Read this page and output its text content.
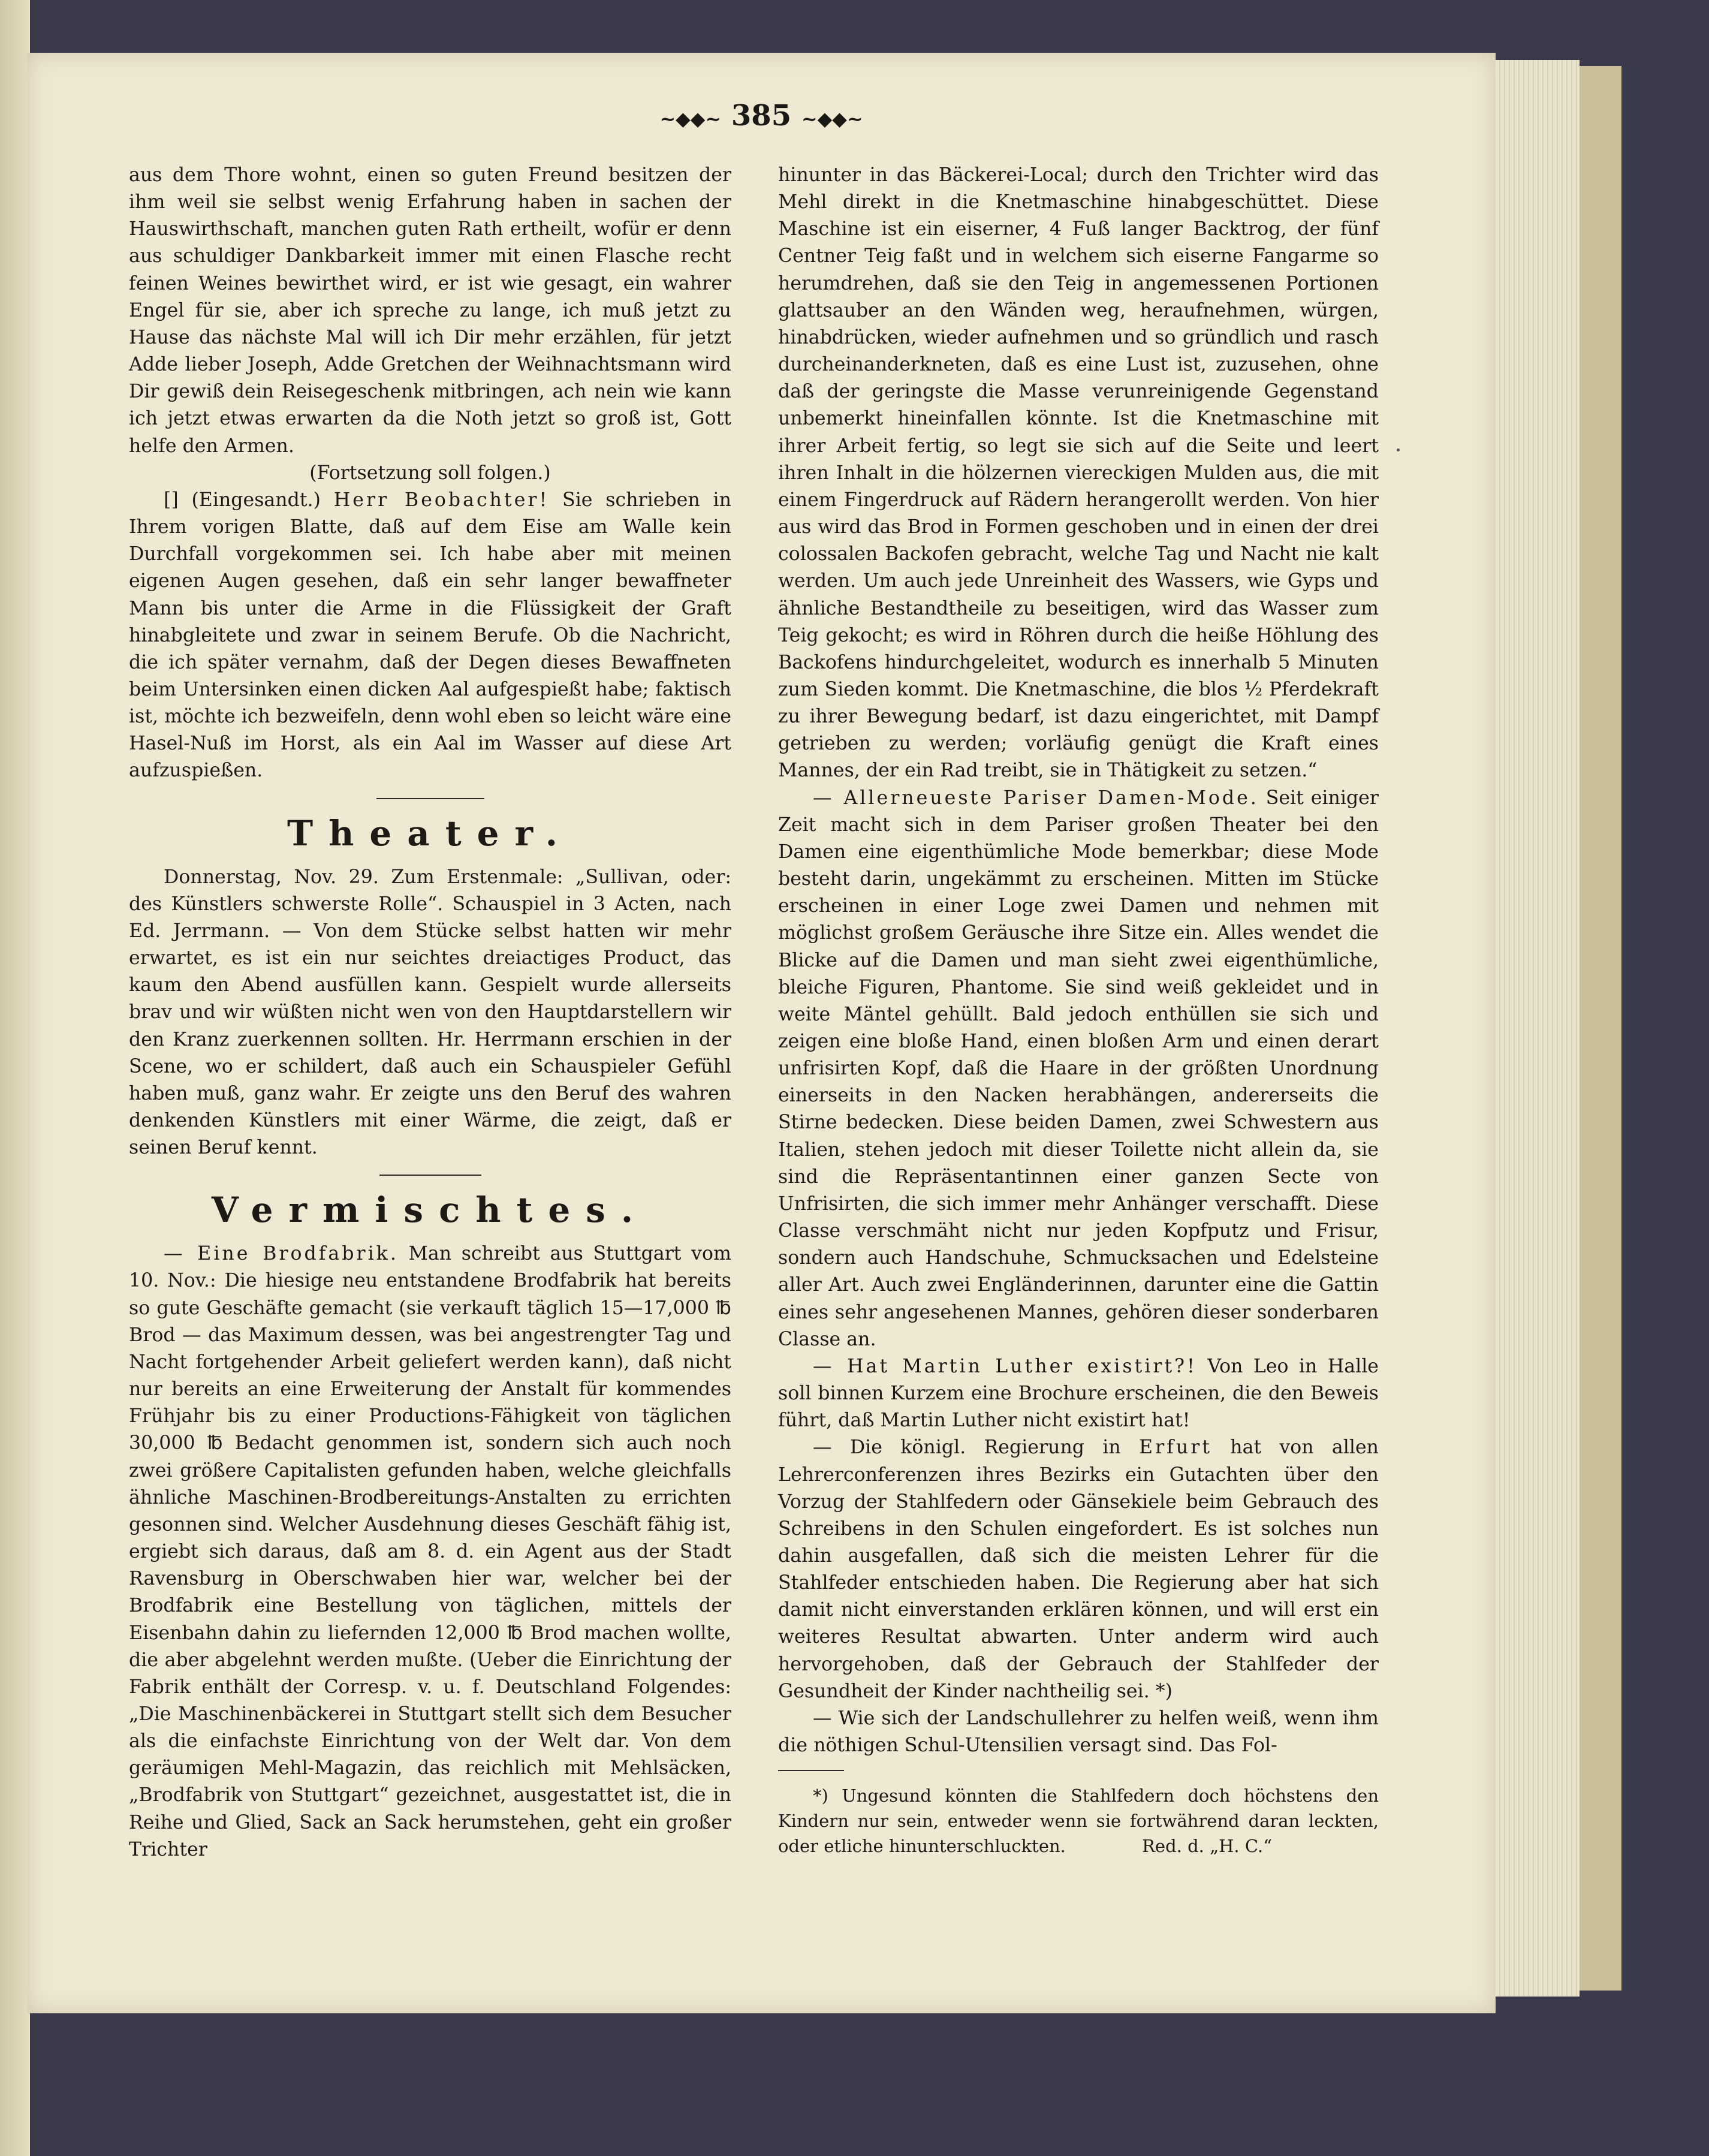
~◆◆~ 385 ~◆◆~

aus dem Thore wohnt, einen so guten Freund besitzen der ihm weil sie selbst wenig Erfahrung haben in sachen der Hauswirthschaft, manchen guten Rath ertheilt, wofür er denn aus schuldiger Dankbarkeit immer mit einen Flasche recht feinen Weines bewirthet wird, er ist wie gesagt, ein wahrer Engel für sie, aber ich spreche zu lange, ich muß jetzt zu Hause das nächste Mal will ich Dir mehr erzählen, für jetzt Adde lieber Joseph, Adde Gretchen der Weihnachtsmann wird Dir gewiß dein Reisegeschenk mitbringen, ach nein wie kann ich jetzt etwas erwarten da die Noth jetzt so groß ist, Gott helfe den Armen.

(Fortsetzung soll folgen.)

[] (Eingesandt.) Herr Beobachter! Sie schrieben in Ihrem vorigen Blatte, daß auf dem Eise am Walle kein Durchfall vorgekommen sei. Ich habe aber mit meinen eigenen Augen gesehen, daß ein sehr langer bewaffneter Mann bis unter die Arme in die Flüssigkeit der Graft hinabgleitete und zwar in seinem Berufe. Ob die Nachricht, die ich später vernahm, daß der Degen dieses Bewaffneten beim Untersinken einen dicken Aal aufgespießt habe; faktisch ist, möchte ich bezweifeln, denn wohl eben so leicht wäre eine Hasel-Nuß im Horst, als ein Aal im Wasser auf diese Art aufzuspießen.

Theater.

Donnerstag, Nov. 29. Zum Erstenmale: „Sullivan, oder: des Künstlers schwerste Rolle“. Schauspiel in 3 Acten, nach Ed. Jerrmann. — Von dem Stücke selbst hatten wir mehr erwartet, es ist ein nur seichtes dreiactiges Product, das kaum den Abend ausfüllen kann. Gespielt wurde allerseits brav und wir wüßten nicht wen von den Hauptdarstellern wir den Kranz zuerkennen sollten. Hr. Herrmann erschien in der Scene, wo er schildert, daß auch ein Schauspieler Gefühl haben muß, ganz wahr. Er zeigte uns den Beruf des wahren denkenden Künstlers mit einer Wärme, die zeigt, daß er seinen Beruf kennt.

Vermischtes.

— Eine Brodfabrik. Man schreibt aus Stuttgart vom 10. Nov.: Die hiesige neu entstandene Brodfabrik hat bereits so gute Geschäfte gemacht (sie verkauft täglich 15—17,000 ℔ Brod — das Maximum dessen, was bei angestrengter Tag und Nacht fortgehender Arbeit geliefert werden kann), daß nicht nur bereits an eine Erweiterung der Anstalt für kommendes Frühjahr bis zu einer Productions-Fähigkeit von täglichen 30,000 ℔ Bedacht genommen ist, sondern sich auch noch zwei größere Capitalisten gefunden haben, welche gleichfalls ähnliche Maschinen-Brodbereitungs-Anstalten zu errichten gesonnen sind. Welcher Ausdehnung dieses Geschäft fähig ist, ergiebt sich daraus, daß am 8. d. ein Agent aus der Stadt Ravensburg in Oberschwaben hier war, welcher bei der Brodfabrik eine Bestellung von täglichen, mittels der Eisenbahn dahin zu liefernden 12,000 ℔ Brod machen wollte, die aber abgelehnt werden mußte. (Ueber die Einrichtung der Fabrik enthält der Corresp. v. u. f. Deutschland Folgendes: „Die Maschinenbäckerei in Stuttgart stellt sich dem Besucher als die einfachste Einrichtung von der Welt dar. Von dem geräumigen Mehl-Magazin, das reichlich mit Mehlsäcken, „Brodfabrik von Stuttgart“ gezeichnet, ausgestattet ist, die in Reihe und Glied, Sack an Sack herumstehen, geht ein großer Trichter

hinunter in das Bäckerei-Local; durch den Trichter wird das Mehl direkt in die Knetmaschine hinabgeschüttet. Diese Maschine ist ein eiserner, 4 Fuß langer Backtrog, der fünf Centner Teig faßt und in welchem sich eiserne Fangarme so herumdrehen, daß sie den Teig in angemessenen Portionen glattsauber an den Wänden weg, heraufnehmen, würgen, hinabdrücken, wieder aufnehmen und so gründlich und rasch durcheinanderkneten, daß es eine Lust ist, zuzusehen, ohne daß der geringste die Masse verunreinigende Gegenstand unbemerkt hineinfallen könnte. Ist die Knetmaschine mit ihrer Arbeit fertig, so legt sie sich auf die Seite und leert ihren Inhalt in die hölzernen viereckigen Mulden aus, die mit einem Fingerdruck auf Rädern herangerollt werden. Von hier aus wird das Brod in Formen geschoben und in einen der drei colossalen Backofen gebracht, welche Tag und Nacht nie kalt werden. Um auch jede Unreinheit des Wassers, wie Gyps und ähnliche Bestandtheile zu beseitigen, wird das Wasser zum Teig gekocht; es wird in Röhren durch die heiße Höhlung des Backofens hindurchgeleitet, wodurch es innerhalb 5 Minuten zum Sieden kommt. Die Knetmaschine, die blos ½ Pferdekraft zu ihrer Bewegung bedarf, ist dazu eingerichtet, mit Dampf getrieben zu werden; vorläufig genügt die Kraft eines Mannes, der ein Rad treibt, sie in Thätigkeit zu setzen.“

— Allerneueste Pariser Damen-Mode. Seit einiger Zeit macht sich in dem Pariser großen Theater bei den Damen eine eigenthümliche Mode bemerkbar; diese Mode besteht darin, ungekämmt zu erscheinen. Mitten im Stücke erscheinen in einer Loge zwei Damen und nehmen mit möglichst großem Geräusche ihre Sitze ein. Alles wendet die Blicke auf die Damen und man sieht zwei eigenthümliche, bleiche Figuren, Phantome. Sie sind weiß gekleidet und in weite Mäntel gehüllt. Bald jedoch enthüllen sie sich und zeigen eine bloße Hand, einen bloßen Arm und einen derart unfrisirten Kopf, daß die Haare in der größten Unordnung einerseits in den Nacken herabhängen, andererseits die Stirne bedecken. Diese beiden Damen, zwei Schwestern aus Italien, stehen jedoch mit dieser Toilette nicht allein da, sie sind die Repräsentantinnen einer ganzen Secte von Unfrisirten, die sich immer mehr Anhänger verschafft. Diese Classe verschmäht nicht nur jeden Kopfputz und Frisur, sondern auch Handschuhe, Schmucksachen und Edelsteine aller Art. Auch zwei Engländerinnen, darunter eine die Gattin eines sehr angesehenen Mannes, gehören dieser sonderbaren Classe an.

— Hat Martin Luther existirt?! Von Leo in Halle soll binnen Kurzem eine Brochure erscheinen, die den Beweis führt, daß Martin Luther nicht existirt hat!

— Die königl. Regierung in Erfurt hat von allen Lehrerconferenzen ihres Bezirks ein Gutachten über den Vorzug der Stahlfedern oder Gänsekiele beim Gebrauch des Schreibens in den Schulen eingefordert. Es ist solches nun dahin ausgefallen, daß sich die meisten Lehrer für die Stahlfeder entschieden haben. Die Regierung aber hat sich damit nicht einverstanden erklären können, und will erst ein weiteres Resultat abwarten. Unter anderm wird auch hervorgehoben, daß der Gebrauch der Stahlfeder der Gesundheit der Kinder nachtheilig sei. *)

— Wie sich der Landschullehrer zu helfen weiß, wenn ihm die nöthigen Schul-Utensilien versagt sind. Das Fol-

*) Ungesund könnten die Stahlfedern doch höchstens den Kindern nur sein, entweder wenn sie fortwährend daran leckten, oder etliche hinunterschluckten.	Red. d. „H. C.“
